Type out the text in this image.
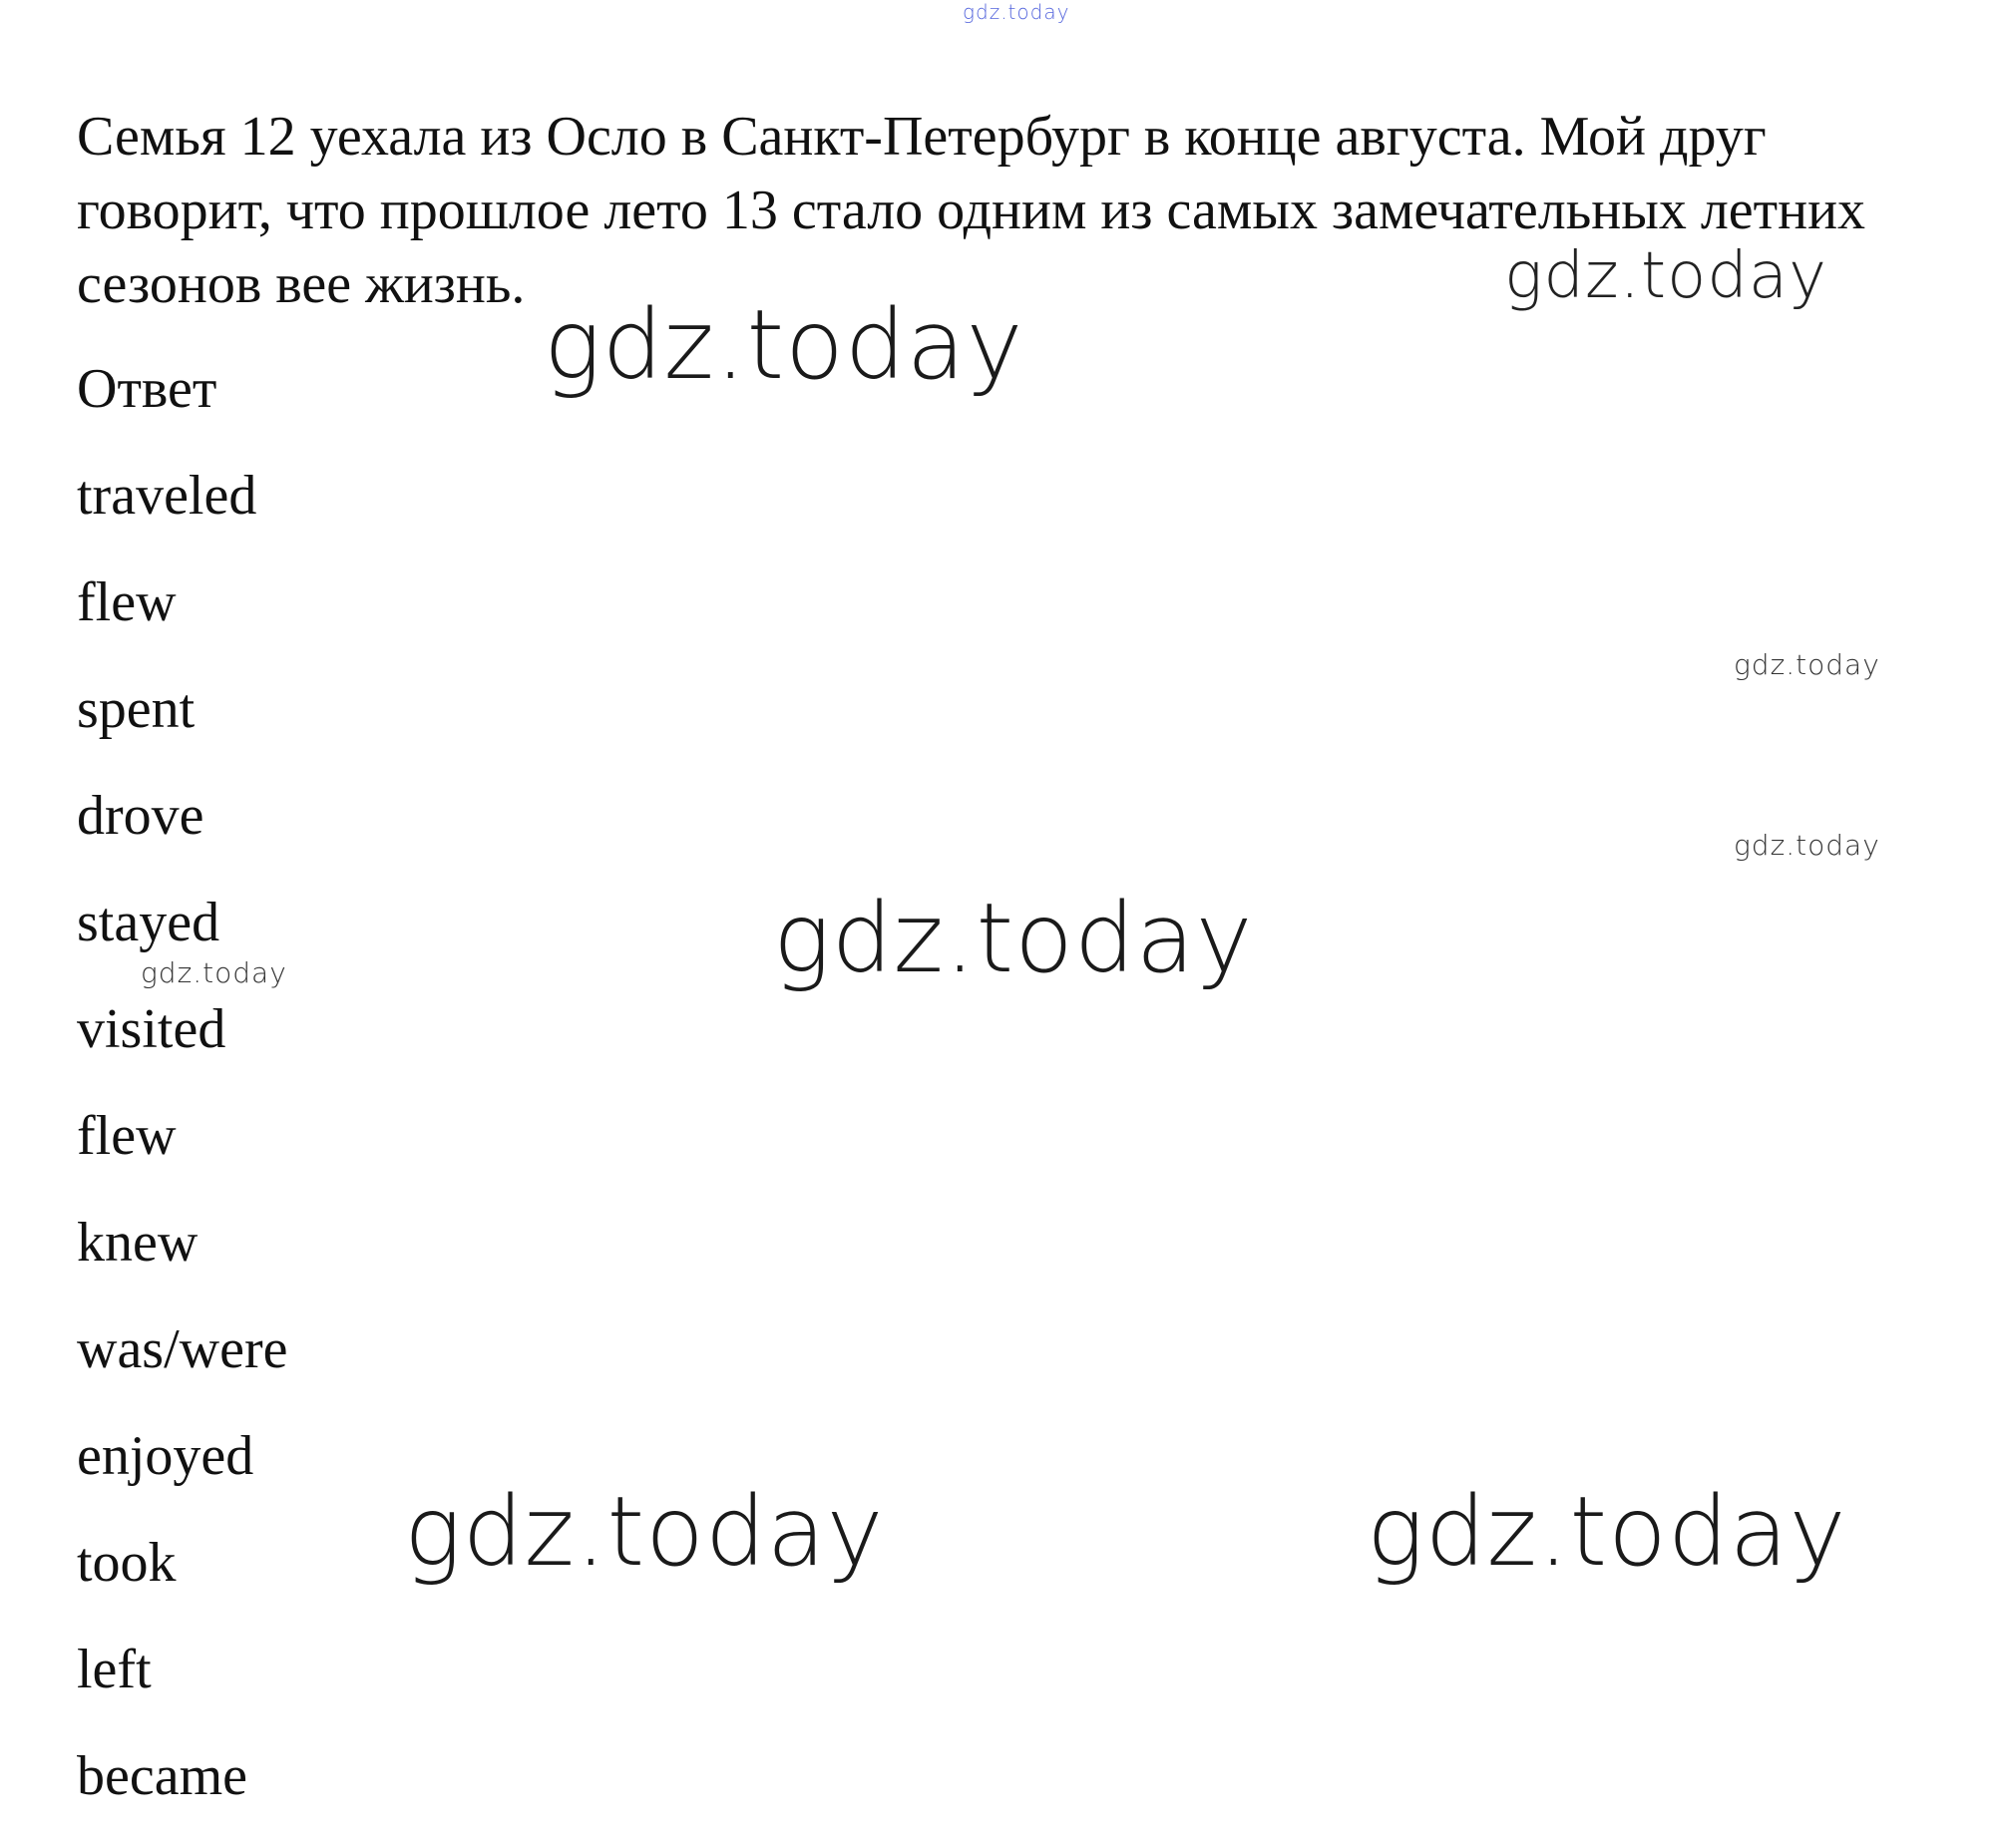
gdz.today

Семья 12 уехала из Осло в Санкт-Петербург в конце августа. Мой друг
говорит, что прошлое лето 13 стало одним из самых замечательных летних
сезонов вее жизнь.	gdz.today

gdz.today

Ответ

traveled
flew
spent
drove
stayed
visited
flew
knew
was/were
enjoyed
took
left
became

gdz.today

gdz.today

gdz.today

gdz.today

gdz.today	gdz.today
